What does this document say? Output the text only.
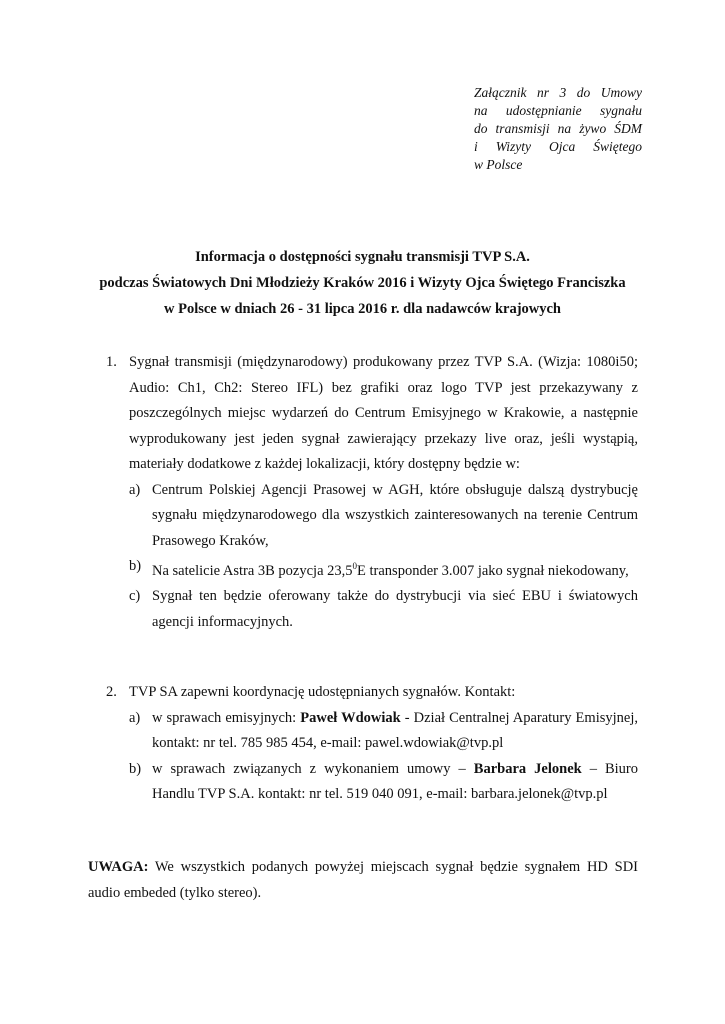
Załącznik nr 3 do Umowy
na udostępnianie sygnału
do transmisji na żywo ŚDM
i Wizyty Ojca Świętego
w Polsce
Informacja o dostępności sygnału transmisji TVP S.A.
podczas Światowych Dni Młodzieży Kraków 2016 i Wizyty Ojca Świętego Franciszka
w Polsce w dniach 26 - 31 lipca 2016 r. dla nadawców krajowych
1. Sygnał transmisji (międzynarodowy) produkowany przez TVP S.A. (Wizja: 1080i50; Audio: Ch1, Ch2: Stereo IFL) bez grafiki oraz logo TVP jest przekazywany z poszczególnych miejsc wydarzeń do Centrum Emisyjnego w Krakowie, a następnie wyprodukowany jest jeden sygnał zawierający przekazy live oraz, jeśli wystąpią, materiały dodatkowe z każdej lokalizacji, który dostępny będzie w:
a) Centrum Polskiej Agencji Prasowej w AGH, które obsługuje dalszą dystrybucję sygnału międzynarodowego dla wszystkich zainteresowanych na terenie Centrum Prasowego Kraków,
b) Na satelicie Astra 3B pozycja 23,5$^0$E transponder 3.007 jako sygnał niekodowany,
c) Sygnał ten będzie oferowany także do dystrybucji via sieć EBU i światowych agencji informacyjnych.
2. TVP SA zapewni koordynację udostępnianych sygnałów. Kontakt:
a) w sprawach emisyjnych: Paweł Wdowiak - Dział Centralnej Aparatury Emisyjnej, kontakt: nr tel. 785 985 454, e-mail: pawel.wdowiak@tvp.pl
b) w sprawach związanych z wykonaniem umowy – Barbara Jelonek – Biuro Handlu TVP S.A. kontakt: nr tel. 519 040 091, e-mail: barbara.jelonek@tvp.pl
UWAGA: We wszystkich podanych powyżej miejscach sygnał będzie sygnałem HD SDI audio embeded (tylko stereo).
